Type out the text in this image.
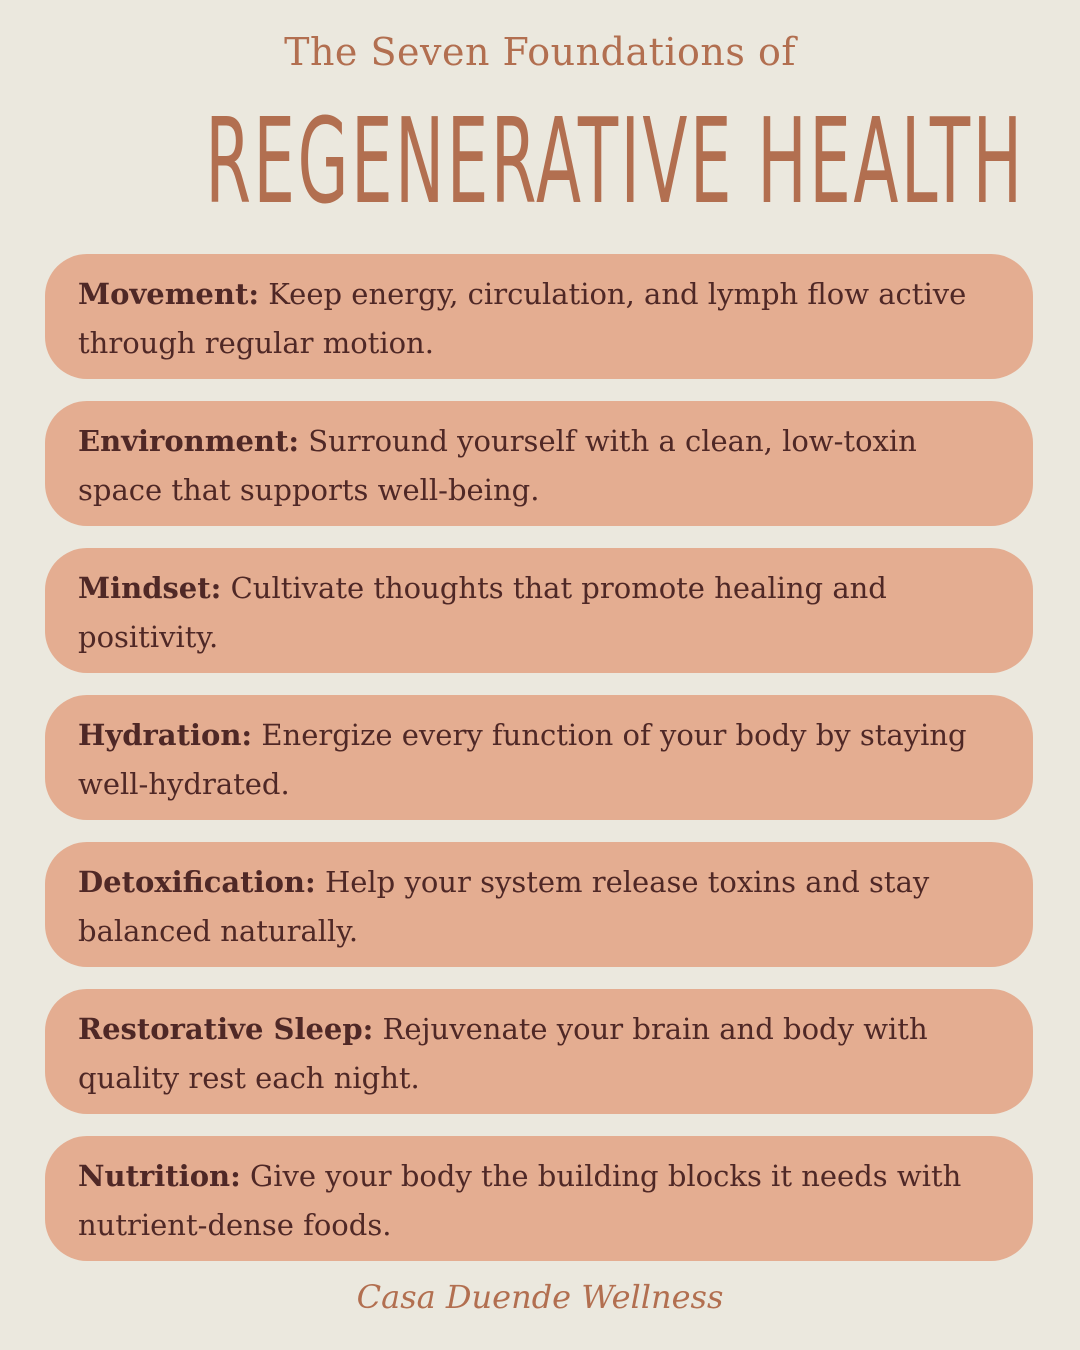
The Seven Foundations of
REGENERATIVE HEALTH
Movement: Keep energy, circulation, and lymph flow active through regular motion.
Environment: Surround yourself with a clean, low-toxin space that supports well-being.
Mindset: Cultivate thoughts that promote healing and positivity.
Hydration: Energize every function of your body by staying well-hydrated.
Detoxification: Help your system release toxins and stay balanced naturally.
Restorative Sleep: Rejuvenate your brain and body with quality rest each night.
Nutrition: Give your body the building blocks it needs with nutrient-dense foods.
Casa Duende Wellness
